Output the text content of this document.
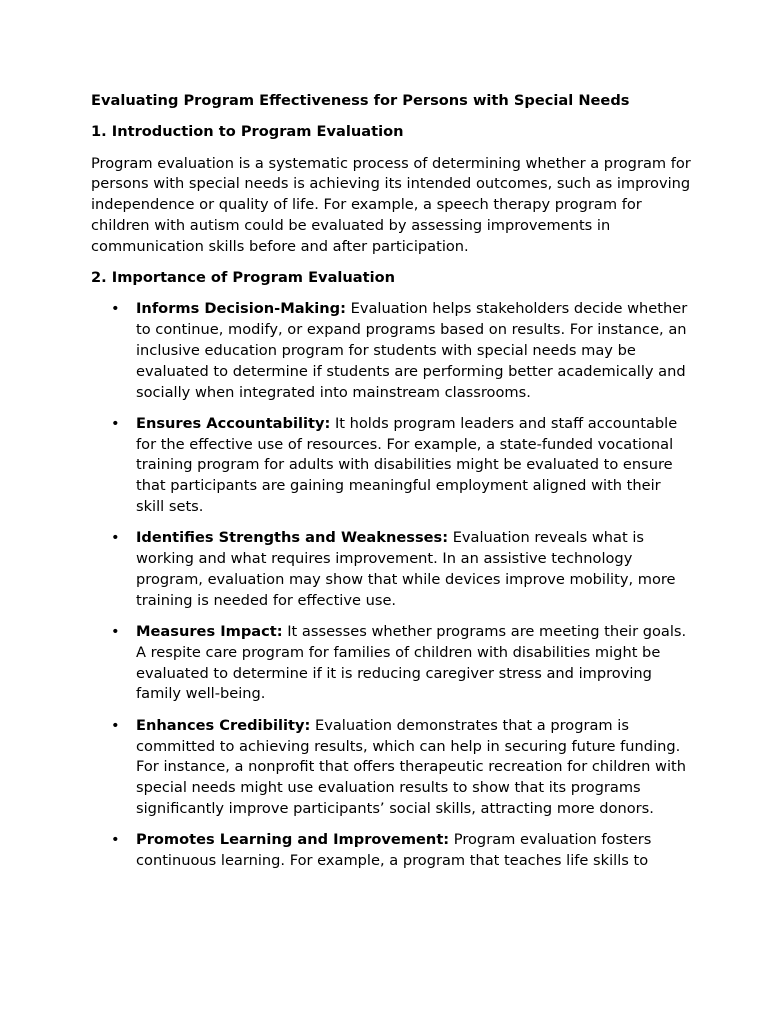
Evaluating Program Effectiveness for Persons with Special Needs
1. Introduction to Program Evaluation
Program evaluation is a systematic process of determining whether a program for persons with special needs is achieving its intended outcomes, such as improving independence or quality of life. For example, a speech therapy program for children with autism could be evaluated by assessing improvements in communication skills before and after participation.
2. Importance of Program Evaluation
• Informs Decision-Making: Evaluation helps stakeholders decide whether to continue, modify, or expand programs based on results. For instance, an inclusive education program for students with special needs may be evaluated to determine if students are performing better academically and socially when integrated into mainstream classrooms.
• Ensures Accountability: It holds program leaders and staff accountable for the effective use of resources. For example, a state-funded vocational training program for adults with disabilities might be evaluated to ensure that participants are gaining meaningful employment aligned with their skill sets.
• Identifies Strengths and Weaknesses: Evaluation reveals what is working and what requires improvement. In an assistive technology program, evaluation may show that while devices improve mobility, more training is needed for effective use.
• Measures Impact: It assesses whether programs are meeting their goals. A respite care program for families of children with disabilities might be evaluated to determine if it is reducing caregiver stress and improving family well-being.
• Enhances Credibility: Evaluation demonstrates that a program is committed to achieving results, which can help in securing future funding. For instance, a nonprofit that offers therapeutic recreation for children with special needs might use evaluation results to show that its programs significantly improve participants’ social skills, attracting more donors.
• Promotes Learning and Improvement: Program evaluation fosters continuous learning. For example, a program that teaches life skills to
